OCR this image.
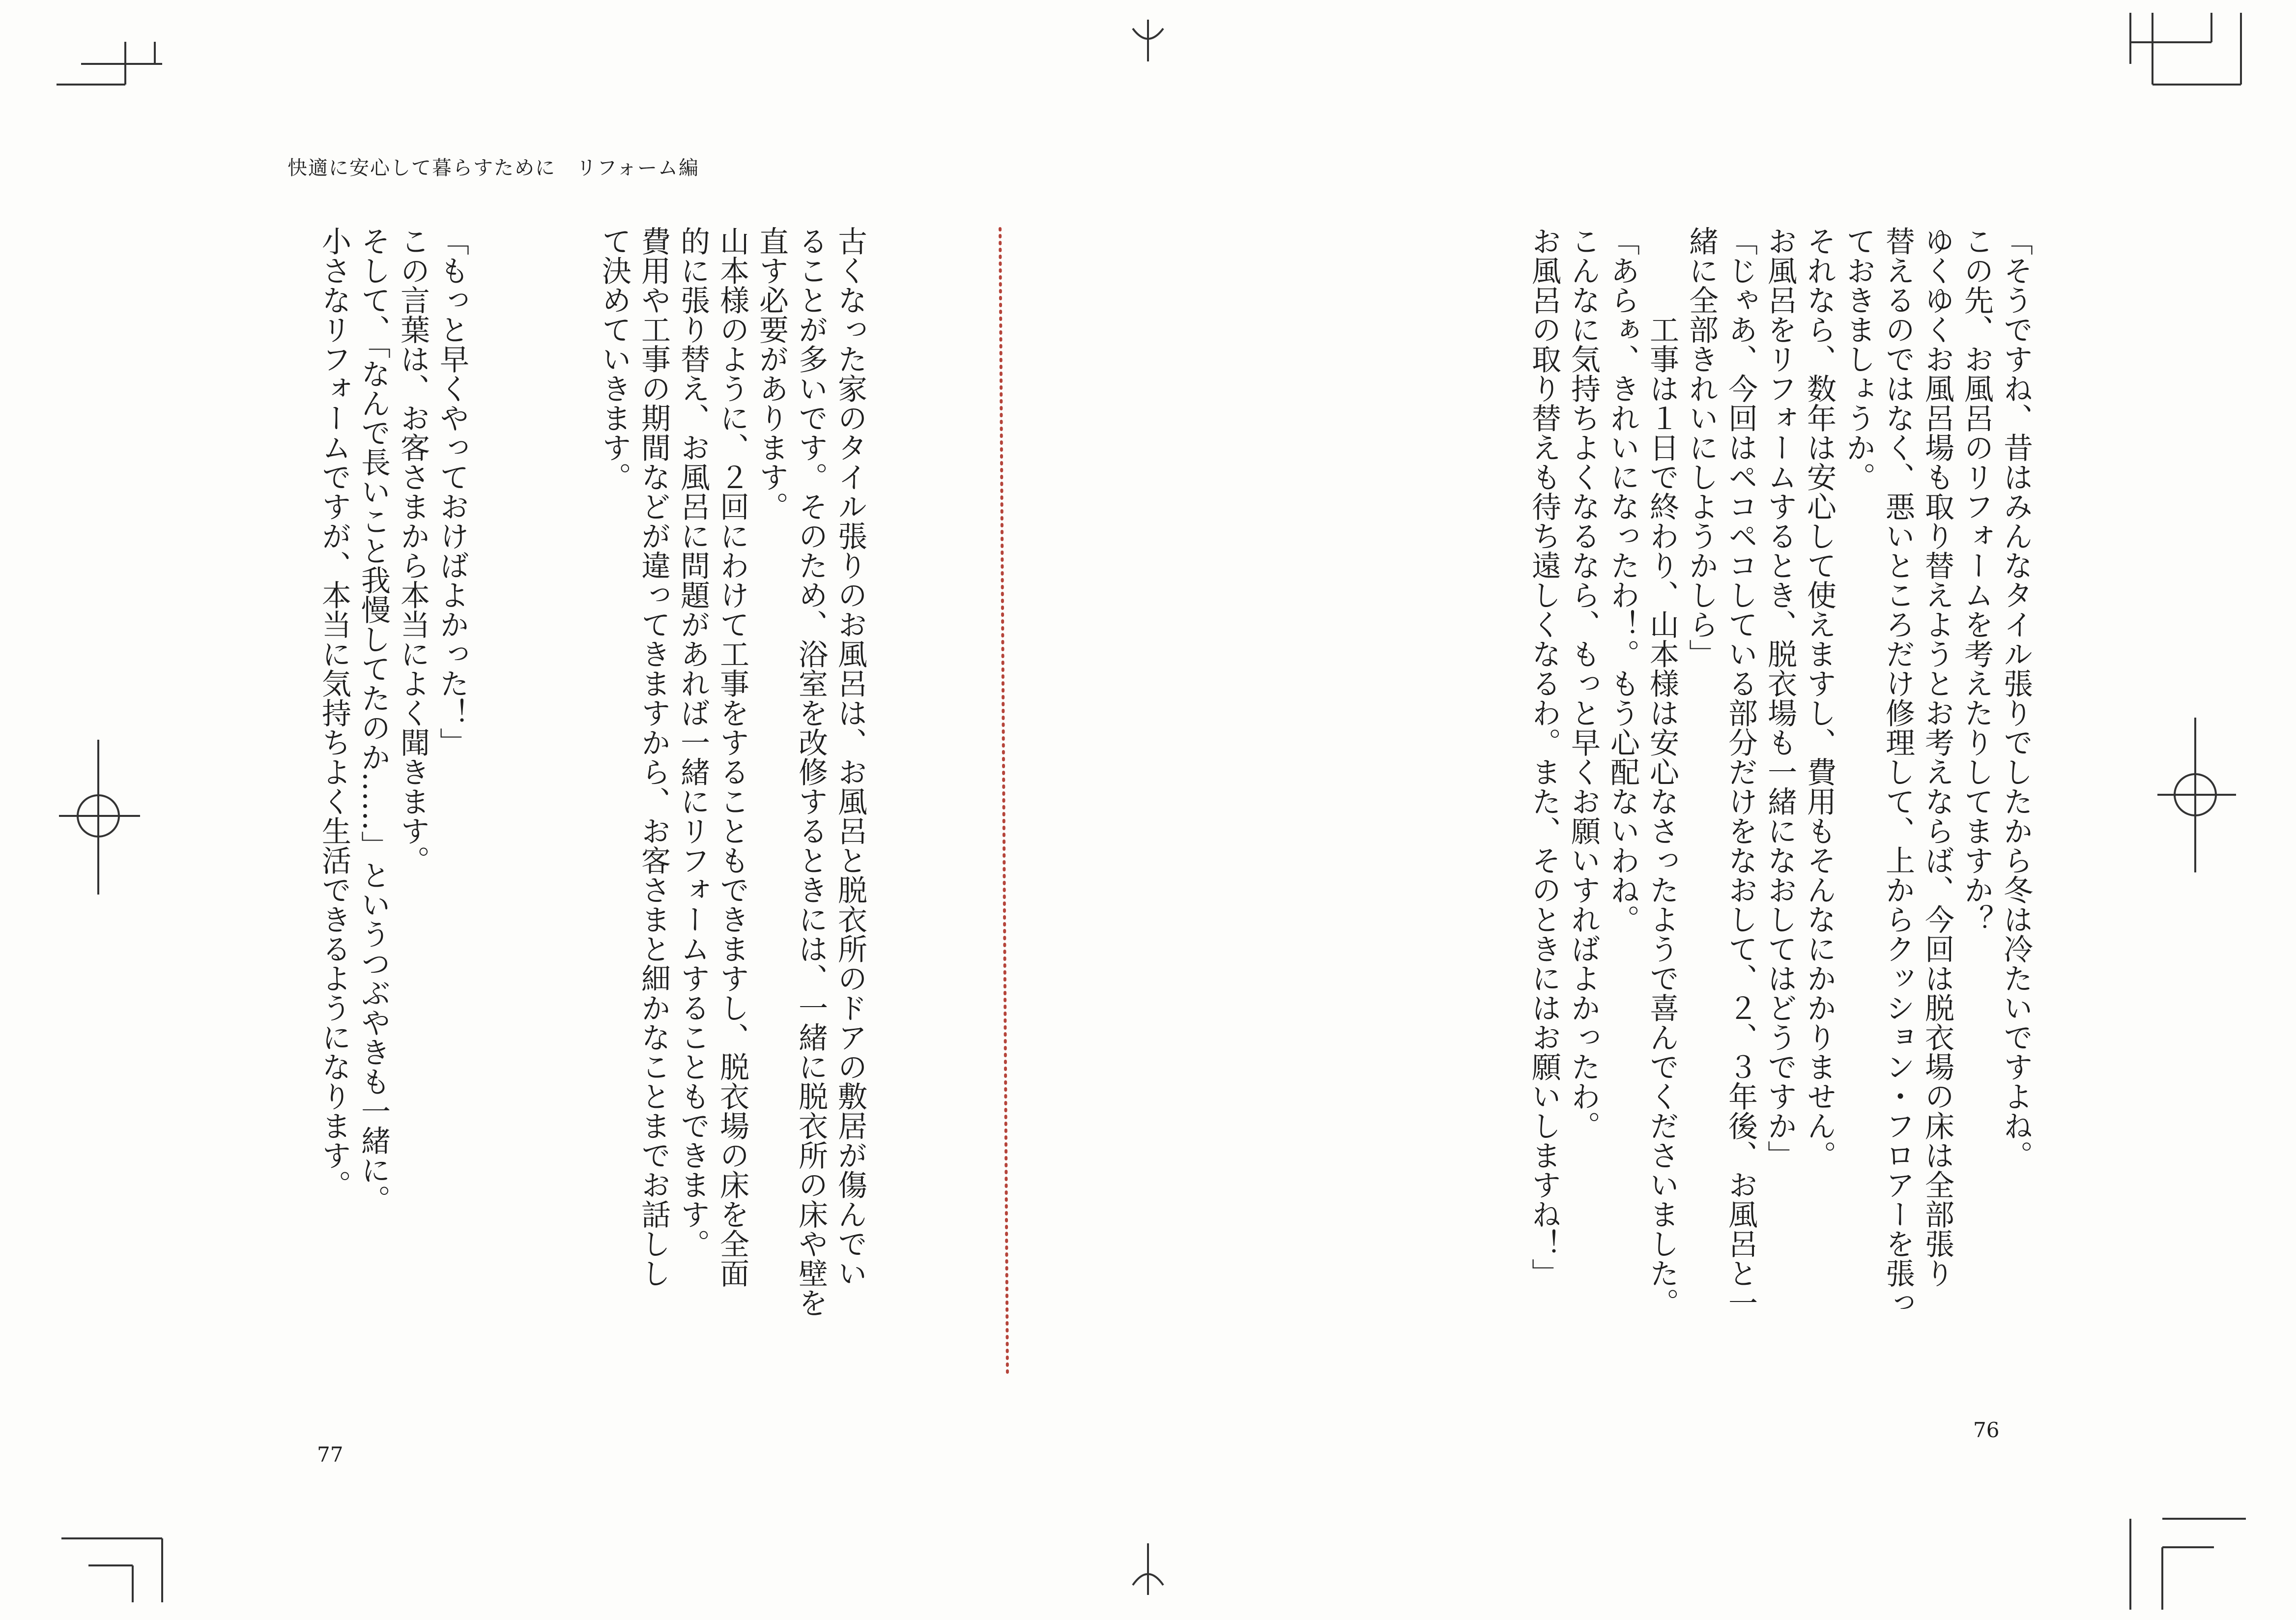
快適に安心して暮らすために　リフォーム編
「そうですね、昔はみんなタイル張りでしたから冬は冷たいですよね。
この先、お風呂のリフォームを考えたりしてますか？
ゆくゆくお風呂場も取り替えようとお考えならば、今回は脱衣場の床は全部張り
替えるのではなく、悪いところだけ修理して、上からクッション・フロアーを張っ
ておきましょうか。
それなら、数年は安心して使えますし、費用もそんなにかかりません。
お風呂をリフォームするとき、脱衣場も一緒になおしてはどうですか」
「じゃあ、今回はペコペコしている部分だけをなおして、２、３年後、お風呂と一
緒に全部きれいにしようかしら」
工事は１日で終わり、山本様は安心なさったようで喜んでくださいました。
「あらぁ、きれいになったわ！。もう心配ないわね。
こんなに気持ちよくなるなら、もっと早くお願いすればよかったわ。
お風呂の取り替えも待ち遠しくなるわ。また、そのときにはお願いしますね！」
古くなった家のタイル張りのお風呂は、お風呂と脱衣所のドアの敷居が傷んでい
ることが多いです。そのため、浴室を改修するときには、一緒に脱衣所の床や壁を
直す必要があります。
山本様のように、２回にわけて工事をすることもできますし、脱衣場の床を全面
的に張り替え、お風呂に問題があれば一緒にリフォームすることもできます。
費用や工事の期間などが違ってきますから、お客さまと細かなことまでお話しし
て決めていきます。
「もっと早くやっておけばよかった！」
この言葉は、お客さまから本当によく聞きます。
そして、「なんで長いこと我慢してたのか……」というつぶやきも一緒に。
小さなリフォームですが、本当に気持ちよく生活できるようになります。
77
76
